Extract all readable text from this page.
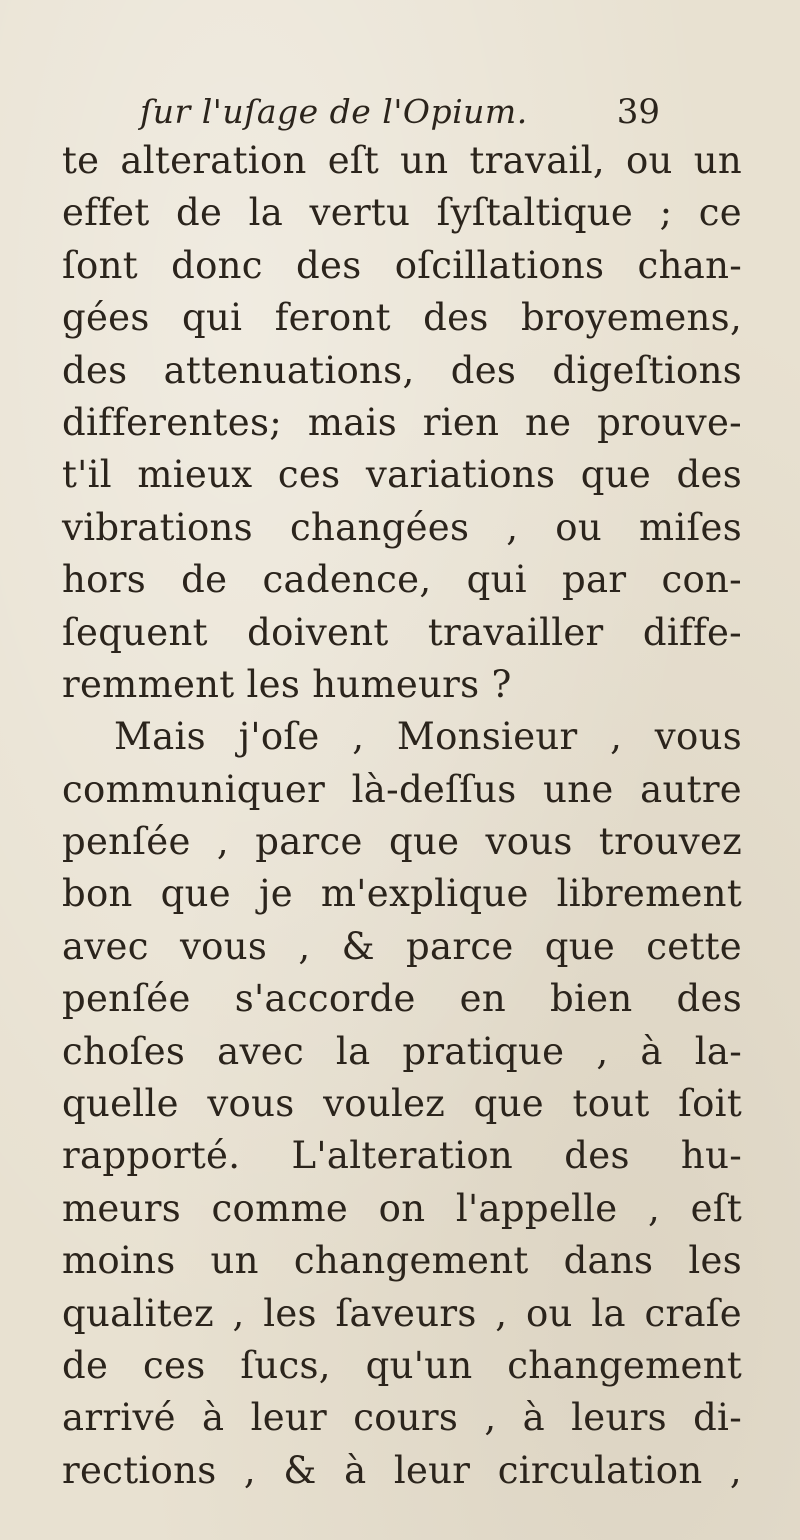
ſur l'uſage de l'Opium.	39
te alteration eſt un travail, ou un
effet de la vertu ſyſtaltique ; ce
ſont donc des oſcillations chan-
gées qui feront des broyemens,
des attenuations, des digeſtions
differentes; mais rien ne prouve-
t'il mieux ces variations que des
vibrations changées , ou miſes
hors de cadence, qui par con-
ſequent doivent travailler diffe-
remment les humeurs ?
Mais j'oſe , Monsieur , vous
communiquer là-deſſus une autre
penſée , parce que vous trouvez
bon que je m'explique librement
avec vous , & parce que cette
penſée s'accorde en bien des
choſes avec la pratique , à la-
quelle vous voulez que tout ſoit
rapporté. L'alteration des hu-
meurs comme on l'appelle , eſt
moins un changement dans les
qualitez , les ſaveurs , ou la craſe
de ces ſucs, qu'un changement
arrivé à leur cours , à leurs di-
rections , & à leur circulation ,
